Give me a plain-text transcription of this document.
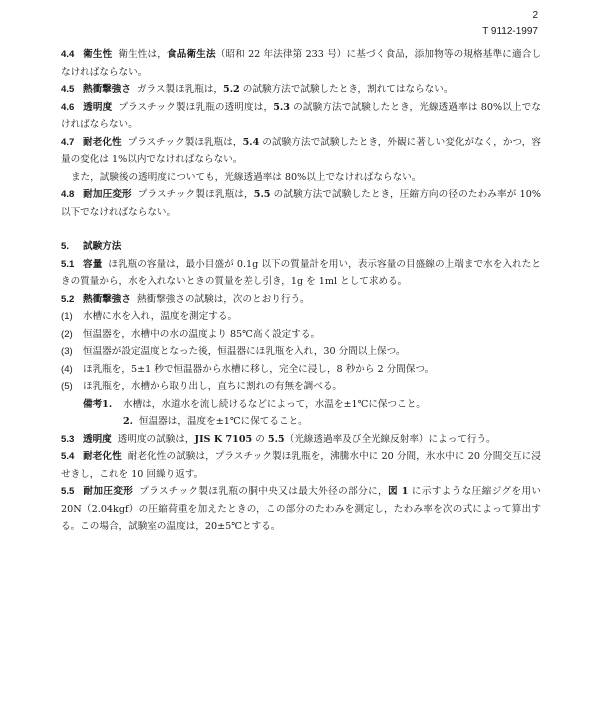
2
T 9112-1997

4.4 衛生性 衛生性は，食品衛生法（昭和 22 年法律第 233 号）に基づく食品，添加物等の規格基準に適合しなければならない。

4.5 熱衝撃強さ ガラス製ほ乳瓶は，5.2 の試験方法で試験したとき，割れてはならない。

4.6 透明度 プラスチック製ほ乳瓶の透明度は，5.3 の試験方法で試験したとき，光線透過率は 80%以上でなければならない。

4.7 耐老化性 プラスチック製ほ乳瓶は，5.4 の試験方法で試験したとき，外観に著しい変化がなく，かつ，容量の変化は 1%以内でなければならない。

また，試験後の透明度についても，光線透過率は 80%以上でなければならない。

4.8 耐加圧変形 プラスチック製ほ乳瓶は，5.5 の試験方法で試験したとき，圧縮方向の径のたわみ率が 10%以下でなければならない。

5. 試験方法

5.1 容量 ほ乳瓶の容量は，最小目盛が 0.1g 以下の質量計を用い，表示容量の目盛線の上端まで水を入れたときの質量から，水を入れないときの質量を差し引き，1g を 1ml として求める。

5.2 熱衝撃強さ 熱衝撃強さの試験は，次のとおり行う。

(1) 水槽に水を入れ，温度を測定する。

(2) 恒温器を，水槽中の水の温度より 85℃高く設定する。

(3) 恒温器が設定温度となった後，恒温器にほ乳瓶を入れ，30 分間以上保つ。

(4) ほ乳瓶を，5±1 秒で恒温器から水槽に移し，完全に浸し，8 秒から 2 分間保つ。

(5) ほ乳瓶を，水槽から取り出し，直ちに割れの有無を調べる。

備考1. 水槽は，水道水を流し続けるなどによって，水温を±1℃に保つこと。

2. 恒温器は，温度を±1℃に保てること。

5.3 透明度 透明度の試験は，JIS K 7105 の 5.5（光線透過率及び全光線反射率）によって行う。

5.4 耐老化性 耐老化性の試験は，プラスチック製ほ乳瓶を，沸騰水中に 20 分間，氷水中に 20 分間交互に浸せきし，これを 10 回繰り返す。

5.5 耐加圧変形 プラスチック製ほ乳瓶の胴中央又は最大外径の部分に，図 1 に示すような圧縮ジグを用い 20N（2.04kgf）の圧縮荷重を加えたときの，この部分のたわみを測定し，たわみ率を次の式によって算出する。この場合，試験室の温度は，20±5℃とする。
